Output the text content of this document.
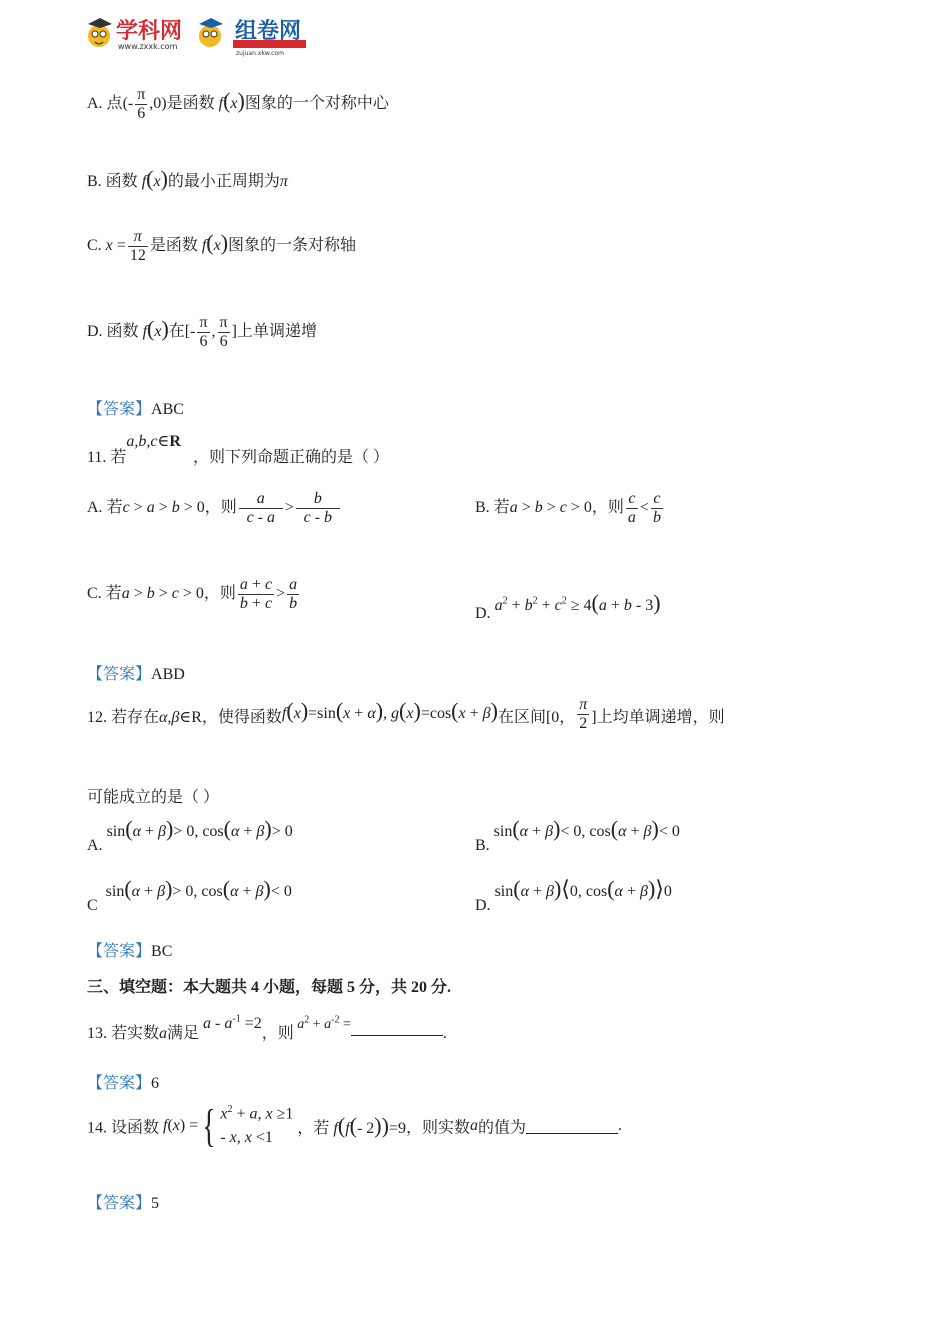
学科网
www.zxxk.com
组卷网
zujuan.xkw.com
A. 点(- $\frac{\pi}{6} ,0$)是函数 f(x)图象的一个对称中心
B. 函数 f(x)的最小正周期为π
C. $x = \frac{\pi}{12}$ 是函数 f(x)图象的一条对称轴
D. 函数 f(x)在[- $\frac{\pi}{6}$ , $\frac{\pi}{6}$ ]上单调递增
【答案】ABC
11. 若a,b,c∈R，则下列命题正确的是（ ）
A. 若c > a > b > 0，则 $\frac{a}{c - a} > \frac{b}{c - b}$	B. 若a > b > c > 0，则 $\frac{c}{a} < \frac{c}{b}$
C. 若a > b > c > 0，则 $\frac{a + c}{b + c} > \frac{a}{b}$
D. $a^2 + b^2 + c^2 \ge 4(a + b - 3)$
【答案】ABD
12. 若存在α,β∈R，使得函数f(x)=sin(x + α), g(x)=cos(x + β)在区间[0， $\frac{\pi}{2}$ ]上均单调递增，则
可能成立的是（ ）
A.sin(α + β)> 0, cos(α + β)> 0
B.sin(α + β)< 0, cos(α + β)< 0
Csin(α + β)> 0, cos(α + β)< 0
D.sin(α + β)⟨0, cos(α + β)⟩0
【答案】BC
三、填空题：本大题共 4 小题，每题 5 分，共 20 分.
13. 若实数a满足$a - a^{-1} =2$，则 $a^2 + a^{-2}$ =.
【答案】6
14. 设函数 f(x) ={ $x^2 + a$, x ≥1
- x, x <1
，若 f(f(- 2))=9，则实数a的值为	.
【答案】5
